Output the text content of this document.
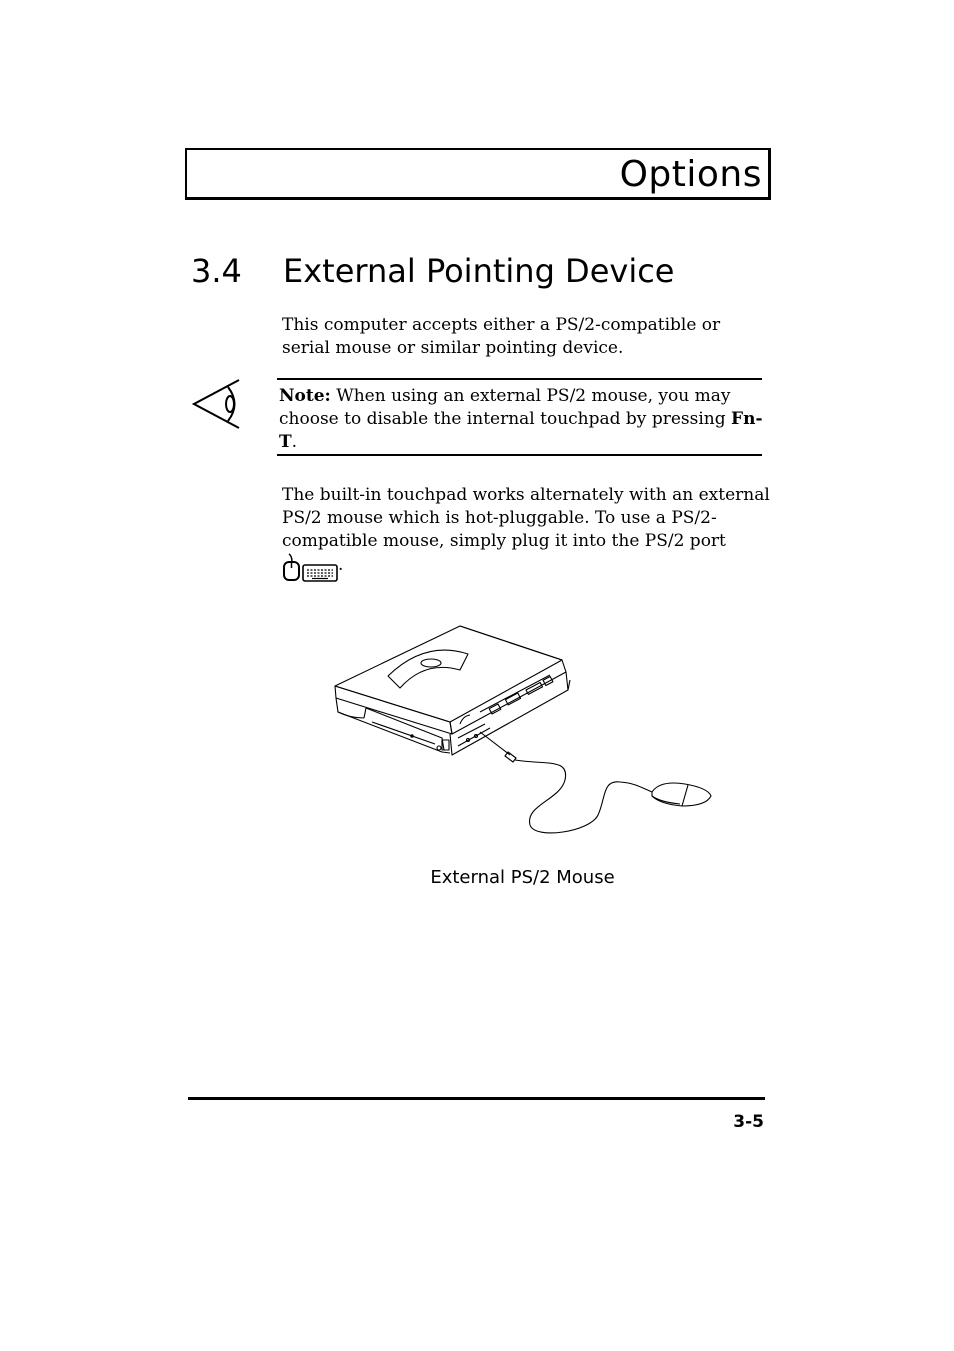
Options
3.4 External Pointing Device

This computer accepts either a PS/2-compatible or serial mouse or similar pointing device.

Note: When using an external PS/2 mouse, you may choose to disable the internal touchpad by pressing Fn-T.

The built-in touchpad works alternately with an external PS/2 mouse which is hot-pluggable. To use a PS/2-compatible mouse, simply plug it into the PS/2 port .

External PS/2 Mouse
3-5
